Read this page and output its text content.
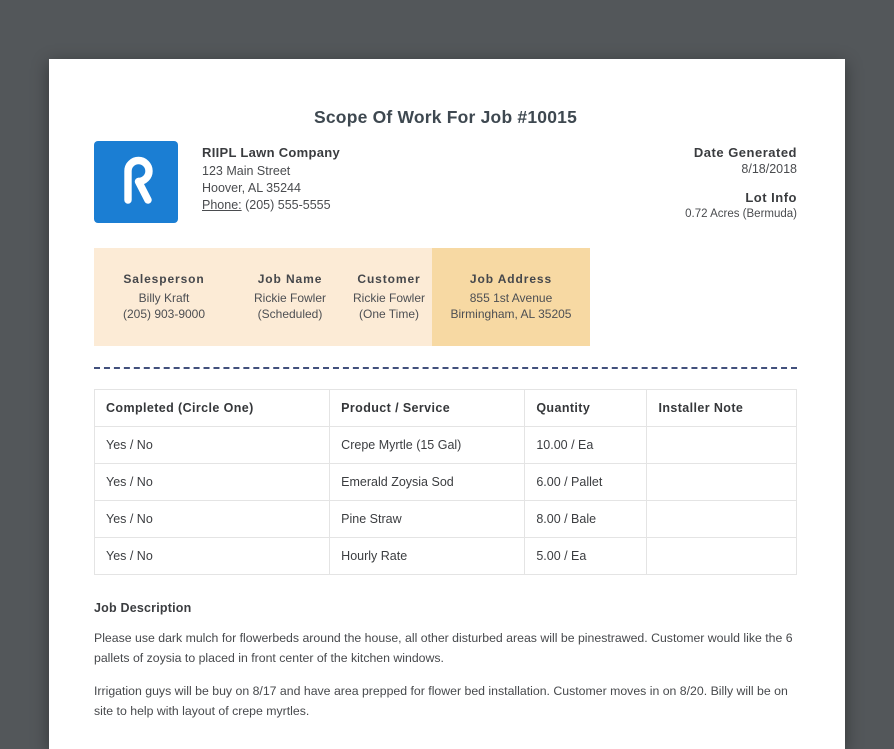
Scope Of Work For Job #10015
RIIPL Lawn Company
123 Main Street
Hoover, AL 35244
Phone: (205) 555-5555
Date Generated
8/18/2018
Lot Info
0.72 Acres (Bermuda)
Salesperson
Billy Kraft
(205) 903-9000
Job Name
Rickie Fowler
(Scheduled)
Customer
Rickie Fowler
(One Time)
Job Address
855 1st Avenue
Birmingham, AL 35205
Completed (Circle One)	Product / Service	Quantity	Installer Note
Yes / No	Crepe Myrtle (15 Gal)	10.00 / Ea	
Yes / No	Emerald Zoysia Sod	6.00 / Pallet	
Yes / No	Pine Straw	8.00 / Bale	
Yes / No	Hourly Rate	5.00 / Ea	
Job Description

Please use dark mulch for flowerbeds around the house, all other disturbed areas will be pinestrawed. Customer would like the 6 pallets of zoysia to placed in front center of the kitchen windows.

Irrigation guys will be buy on 8/17 and have area prepped for flower bed installation. Customer moves in on 8/20. Billy will be on site to help with layout of crepe myrtles.
